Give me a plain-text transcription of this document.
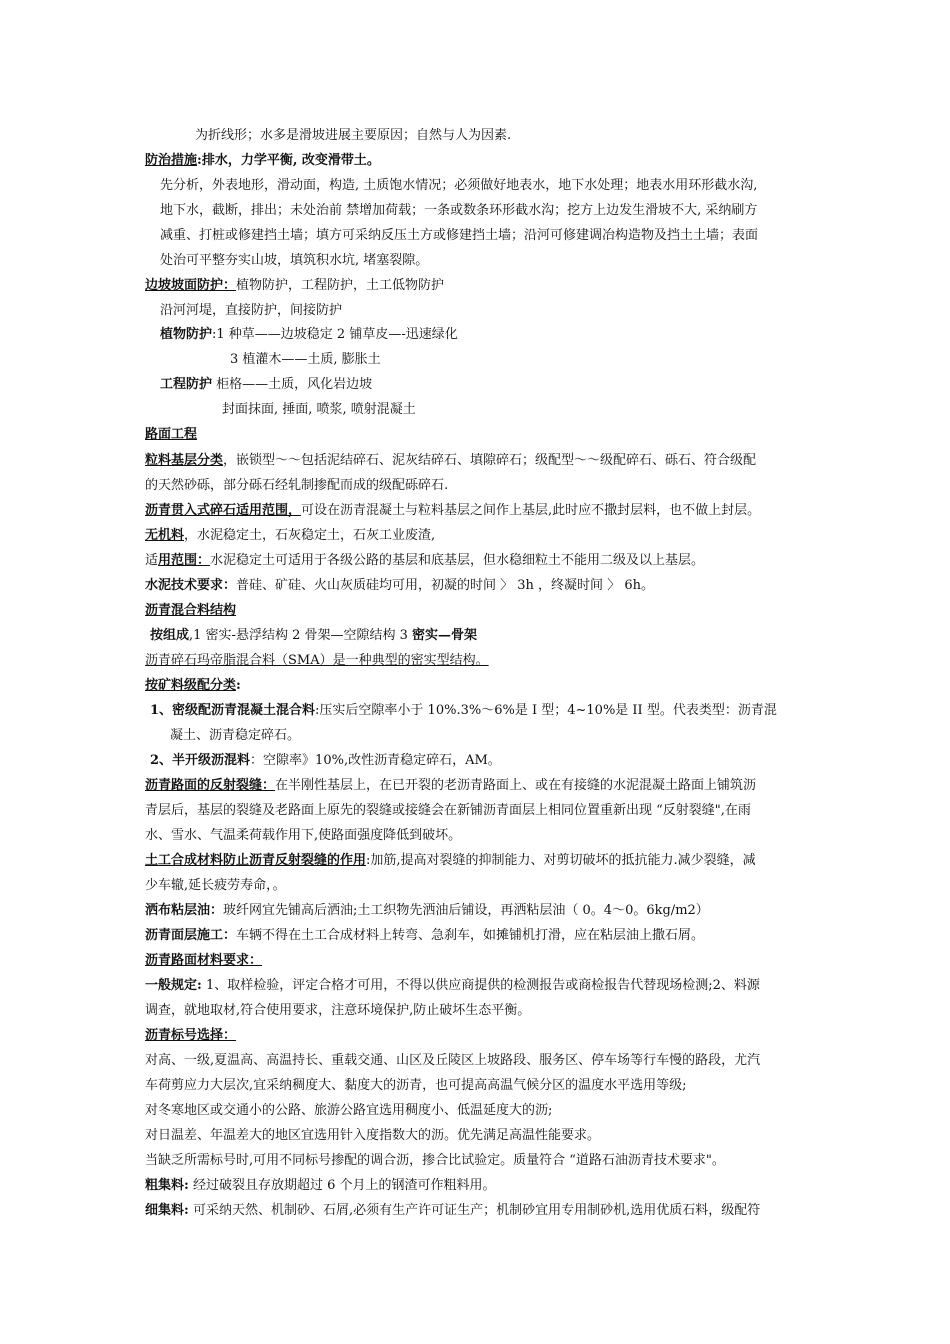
为折线形；水多是滑坡进展主要原因；自然与人为因素.
防治措施:排水，力学平衡, 改变滑带土。
先分析，外表地形，滑动面，构造, 土质饱水情况；必须做好地表水，地下水处理；地表水用环形截水沟,
地下水，截断，排出；未处治前 禁增加荷载；一条或数条环形截水沟；挖方上边发生滑坡不大, 采纳刷方
减重、打桩或修建挡土墙；填方可采纳反压土方或修建挡土墙；沿河可修建调冶构造物及挡土土墙；表面
处治可平整夯实山坡，填筑积水坑, 堵塞裂隙。
边坡坡面防护：植物防护，工程防护，土工低物防护
沿河河堤，直接防护，间接防护
植物防护:1 种草——边坡稳定 2 铺草皮—-迅速绿化
3 植灌木——土质, 膨胀土
工程防护 柜格——土质，风化岩边坡
封面抹面, 捶面, 喷浆, 喷射混凝土
路面工程
粒料基层分类，嵌锁型～～包括泥结碎石、泥灰结碎石、填隙碎石；级配型～～级配碎石、砾石、符合级配
的天然砂砾，部分砾石经轧制掺配而成的级配砾碎石.
沥青贯入式碎石适用范围，可设在沥青混凝土与粒料基层之间作上基层,此时应不撒封层料，也不做上封层。
无机料，水泥稳定土，石灰稳定土，石灰工业废渣,
适用范围：水泥稳定土可适用于各级公路的基层和底基层，但水稳细粒土不能用二级及以上基层。
水泥技术要求：普硅、矿硅、火山灰质硅均可用，初凝的时间 〉 3h ，终凝时间 〉 6h。
沥青混合料结构
按组成,1 密实-悬浮结构 2 骨架—空隙结构 3 密实—骨架
沥青碎石玛帝脂混合料（SMA）是一种典型的密实型结构。
按矿料级配分类:
1、密级配沥青混凝土混合料:压实后空隙率小于 10%.3%～6%是 I 型；4~10%是 II 型。代表类型：沥青混
凝土、沥青稳定碎石。
2、半开级沥混料：空隙率》10%,改性沥青稳定碎石，AM。
沥青路面的反射裂缝：在半刚性基层上，在已开裂的老沥青路面上、或在有接缝的水泥混凝土路面上铺筑沥
青层后，基层的裂缝及老路面上原先的裂缝或接缝会在新铺沥青面层上相同位置重新出现 “反射裂缝",在雨
水、雪水、气温柔荷载作用下,使路面强度降低到破坏。
土工合成材料防止沥青反射裂缝的作用:加筋,提高对裂缝的抑制能力、对剪切破坏的抵抗能力.减少裂缝，减
少车辙,延长疲劳寿命，。
洒布粘层油：玻纤网宜先铺高后洒油;土工织物先洒油后铺设，再洒粘层油（ 0。4～0。6kg/m2）
沥青面层施工：车辆不得在土工合成材料上转弯、急刹车，如摊铺机打滑，应在粘层油上撒石屑。
沥青路面材料要求：
一般规定: 1、取样检验，评定合格才可用，不得以供应商提供的检测报告或商检报告代替现场检测;2、料源
调查，就地取材,符合使用要求，注意环境保护,防止破坏生态平衡。
沥青标号选择：
对高、一级,夏温高、高温持长、重载交通、山区及丘陵区上坡路段、服务区、停车场等行车慢的路段，尤汽
车荷剪应力大层次,宜采纳稠度大、黏度大的沥青，也可提高高温气候分区的温度水平选用等级;
对冬寒地区或交通小的公路、旅游公路宜选用稠度小、低温延度大的沥;
对日温差、年温差大的地区宜选用针入度指数大的沥。优先满足高温性能要求。
当缺乏所需标号时,可用不同标号掺配的调合沥，掺合比试验定。质量符合 “道路石油沥青技术要求"。
粗集料: 经过破裂且存放期超过 6 个月上的钢渣可作粗料用。
细集料: 可采纳天然、机制砂、石屑,必须有生产许可证生产；机制砂宜用专用制砂机,选用优质石料，级配符
